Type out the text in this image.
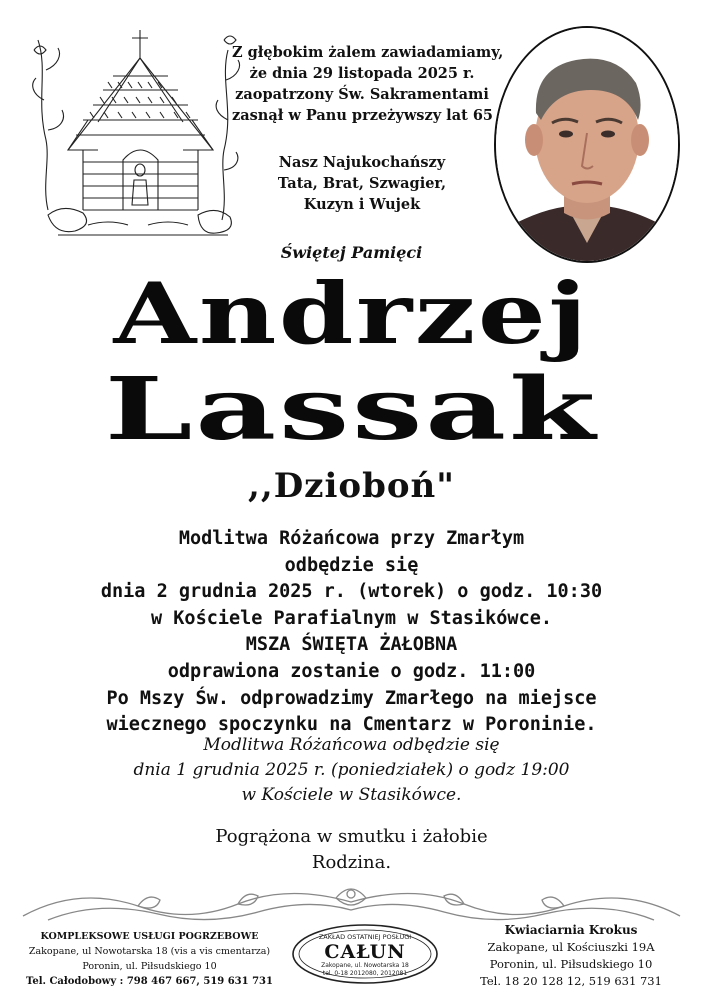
Z głębokim żalem zawiadamiamy,
że dnia 29 listopada 2025 r.
zaopatrzony Św. Sakramentami
zasnął w Panu przeżywszy lat 65
Nasz Najukochańszy
Tata, Brat, Szwagier,
Kuzyn i Wujek
Świętej Pamięci
Andrzej
Lassak
,,Dziobоń"
Modlitwa Różańcowa przy Zmarłym
odbędzie się
dnia 2 grudnia 2025 r. (wtorek) o godz. 10:30
w Kościele Parafialnym w Stasikówce.
MSZA ŚWIĘTA ŻAŁOBNA
odprawiona zostanie o godz. 11:00
Po Mszy Św. odprowadzimy Zmarłego na miejsce
wiecznego spoczynku na Cmentarz w Poroninie.
Modlitwa Różańcowa odbędzie się
dnia 1 grudnia 2025 r. (poniedziałek) o godz 19:00
w Kościele w Stasikówce.
Pogrążona w smutku i żałobie
Rodzina.
KOMPLEKSOWE USŁUGI POGRZEBOWE
Zakopane, ul Nowotarska 18 (vis a vis cmentarza)
Poronin, ul. Piłsudskiego 10
Tel. Całodobowy : 798 467 667, 519 631 731
ZAKŁAD OSTATNIEJ POSŁUGI
CAŁUN
Zakopane, ul. Nowotarska 18
tel. 0-18 2012080, 2012081
Kwiaciarnia Krokus
Zakopane, ul Kościuszki 19A
Poronin, ul. Piłsudskiego 10
Tel. 18 20 128 12, 519 631 731
